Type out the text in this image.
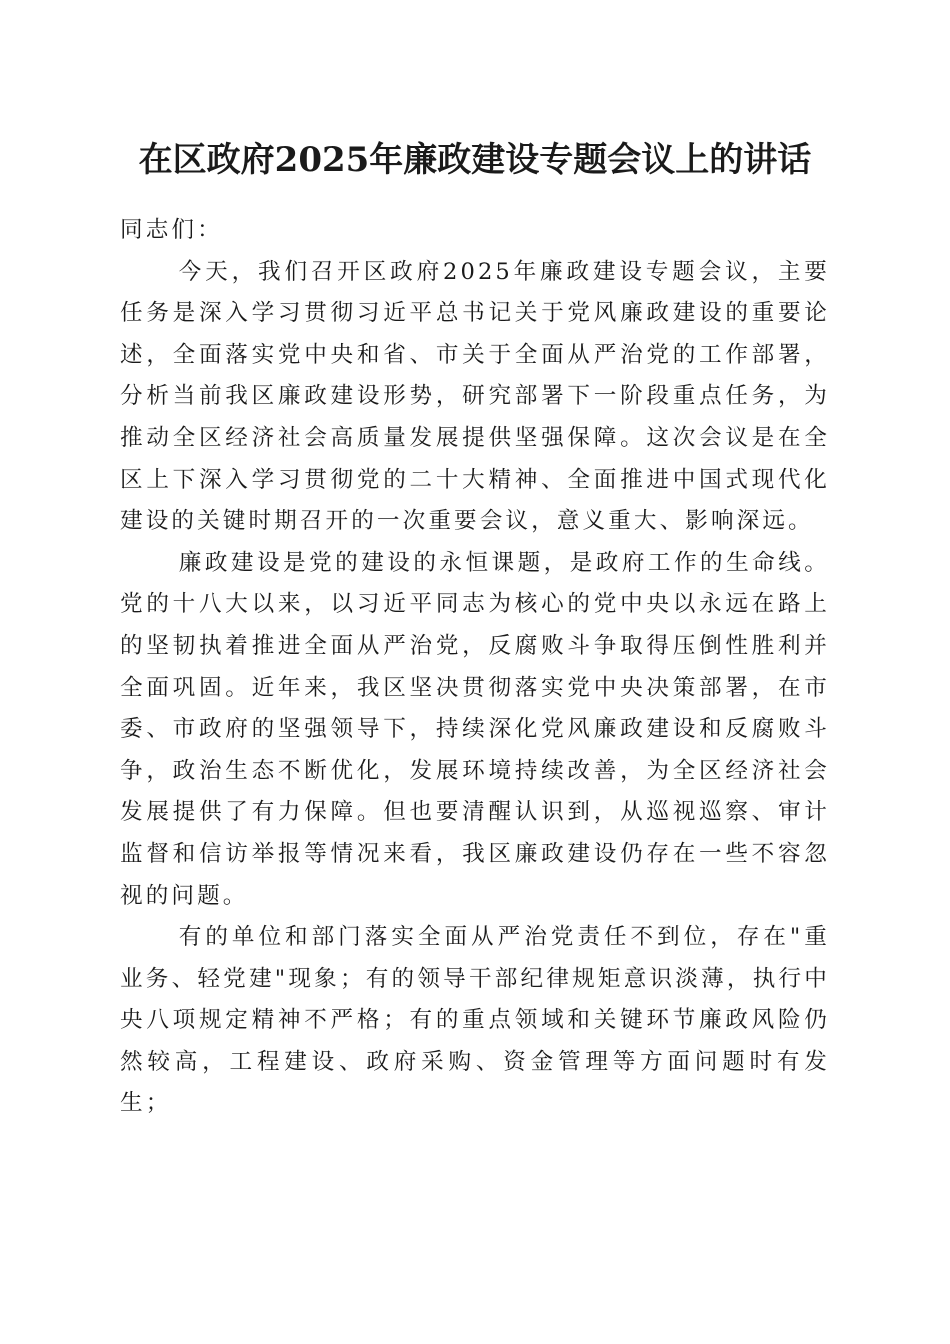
在区政府2025年廉政建设专题会议上的讲话

同志们：

今天，我们召开区政府2025年廉政建设专题会议，主要任务是深入学习贯彻习近平总书记关于党风廉政建设的重要论述，全面落实党中央和省、市关于全面从严治党的工作部署，分析当前我区廉政建设形势，研究部署下一阶段重点任务，为推动全区经济社会高质量发展提供坚强保障。这次会议是在全区上下深入学习贯彻党的二十大精神、全面推进中国式现代化建设的关键时期召开的一次重要会议，意义重大、影响深远。

廉政建设是党的建设的永恒课题，是政府工作的生命线。党的十八大以来，以习近平同志为核心的党中央以永远在路上的坚韧执着推进全面从严治党，反腐败斗争取得压倒性胜利并全面巩固。近年来，我区坚决贯彻落实党中央决策部署，在市委、市政府的坚强领导下，持续深化党风廉政建设和反腐败斗争，政治生态不断优化，发展环境持续改善，为全区经济社会发展提供了有力保障。但也要清醒认识到，从巡视巡察、审计监督和信访举报等情况来看，我区廉政建设仍存在一些不容忽视的问题。

有的单位和部门落实全面从严治党责任不到位，存在"重业务、轻党建"现象；有的领导干部纪律规矩意识淡薄，执行中央八项规定精神不严格；有的重点领域和关键环节廉政风险仍然较高，工程建设、政府采购、资金管理等方面问题时有发生；
